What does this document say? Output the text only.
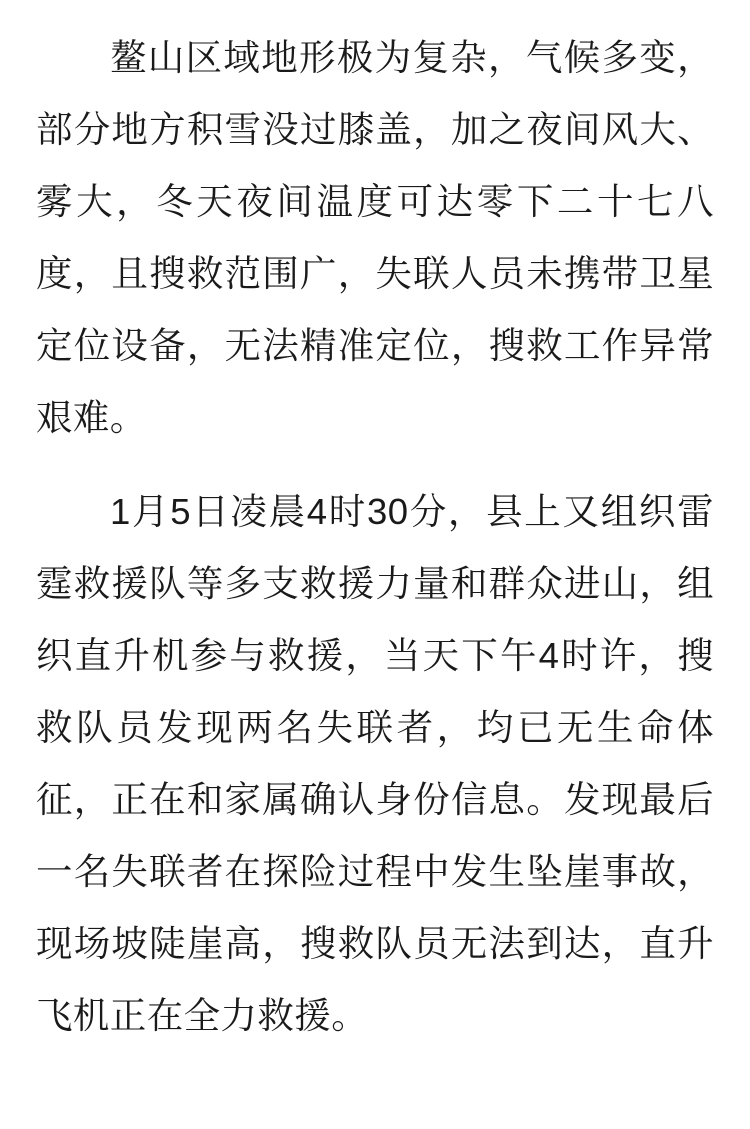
鳌山区域地形极为复杂，气候多变，部分地方积雪没过膝盖，加之夜间风大、雾大，冬天夜间温度可达零下二十七八度，且搜救范围广，失联人员未携带卫星定位设备，无法精准定位，搜救工作异常艰难。

1月5日凌晨4时30分，县上又组织雷霆救援队等多支救援力量和群众进山，组织直升机参与救援，当天下午4时许，搜救队员发现两名失联者，均已无生命体征，正在和家属确认身份信息。发现最后一名失联者在探险过程中发生坠崖事故，现场坡陡崖高，搜救队员无法到达，直升飞机正在全力救援。
